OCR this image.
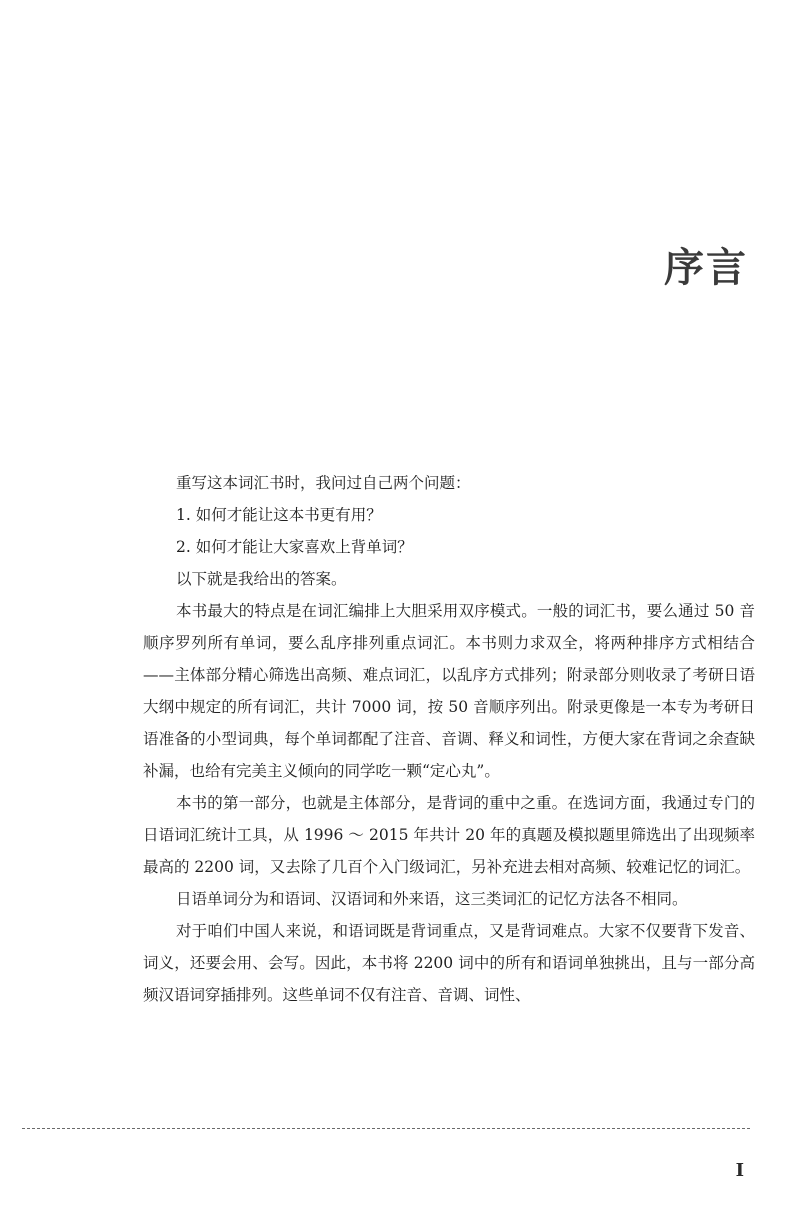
序言

重写这本词汇书时，我问过自己两个问题：

1. 如何才能让这本书更有用？

2. 如何才能让大家喜欢上背单词？

以下就是我给出的答案。

本书最大的特点是在词汇编排上大胆采用双序模式。一般的词汇书，要么通过 50 音顺序罗列所有单词，要么乱序排列重点词汇。本书则力求双全，将两种排序方式相结合——主体部分精心筛选出高频、难点词汇，以乱序方式排列；附录部分则收录了考研日语大纲中规定的所有词汇，共计 7000 词，按 50 音顺序列出。附录更像是一本专为考研日语准备的小型词典，每个单词都配了注音、音调、释义和词性，方便大家在背词之余查缺补漏，也给有完美主义倾向的同学吃一颗“定心丸”。

本书的第一部分，也就是主体部分，是背词的重中之重。在选词方面，我通过专门的日语词汇统计工具，从 1996 ～ 2015 年共计 20 年的真题及模拟题里筛选出了出现频率最高的 2200 词，又去除了几百个入门级词汇，另补充进去相对高频、较难记忆的词汇。

日语单词分为和语词、汉语词和外来语，这三类词汇的记忆方法各不相同。

对于咱们中国人来说，和语词既是背词重点，又是背词难点。大家不仅要背下发音、词义，还要会用、会写。因此，本书将 2200 词中的所有和语词单独挑出，且与一部分高频汉语词穿插排列。这些单词不仅有注音、音调、词性、

I
